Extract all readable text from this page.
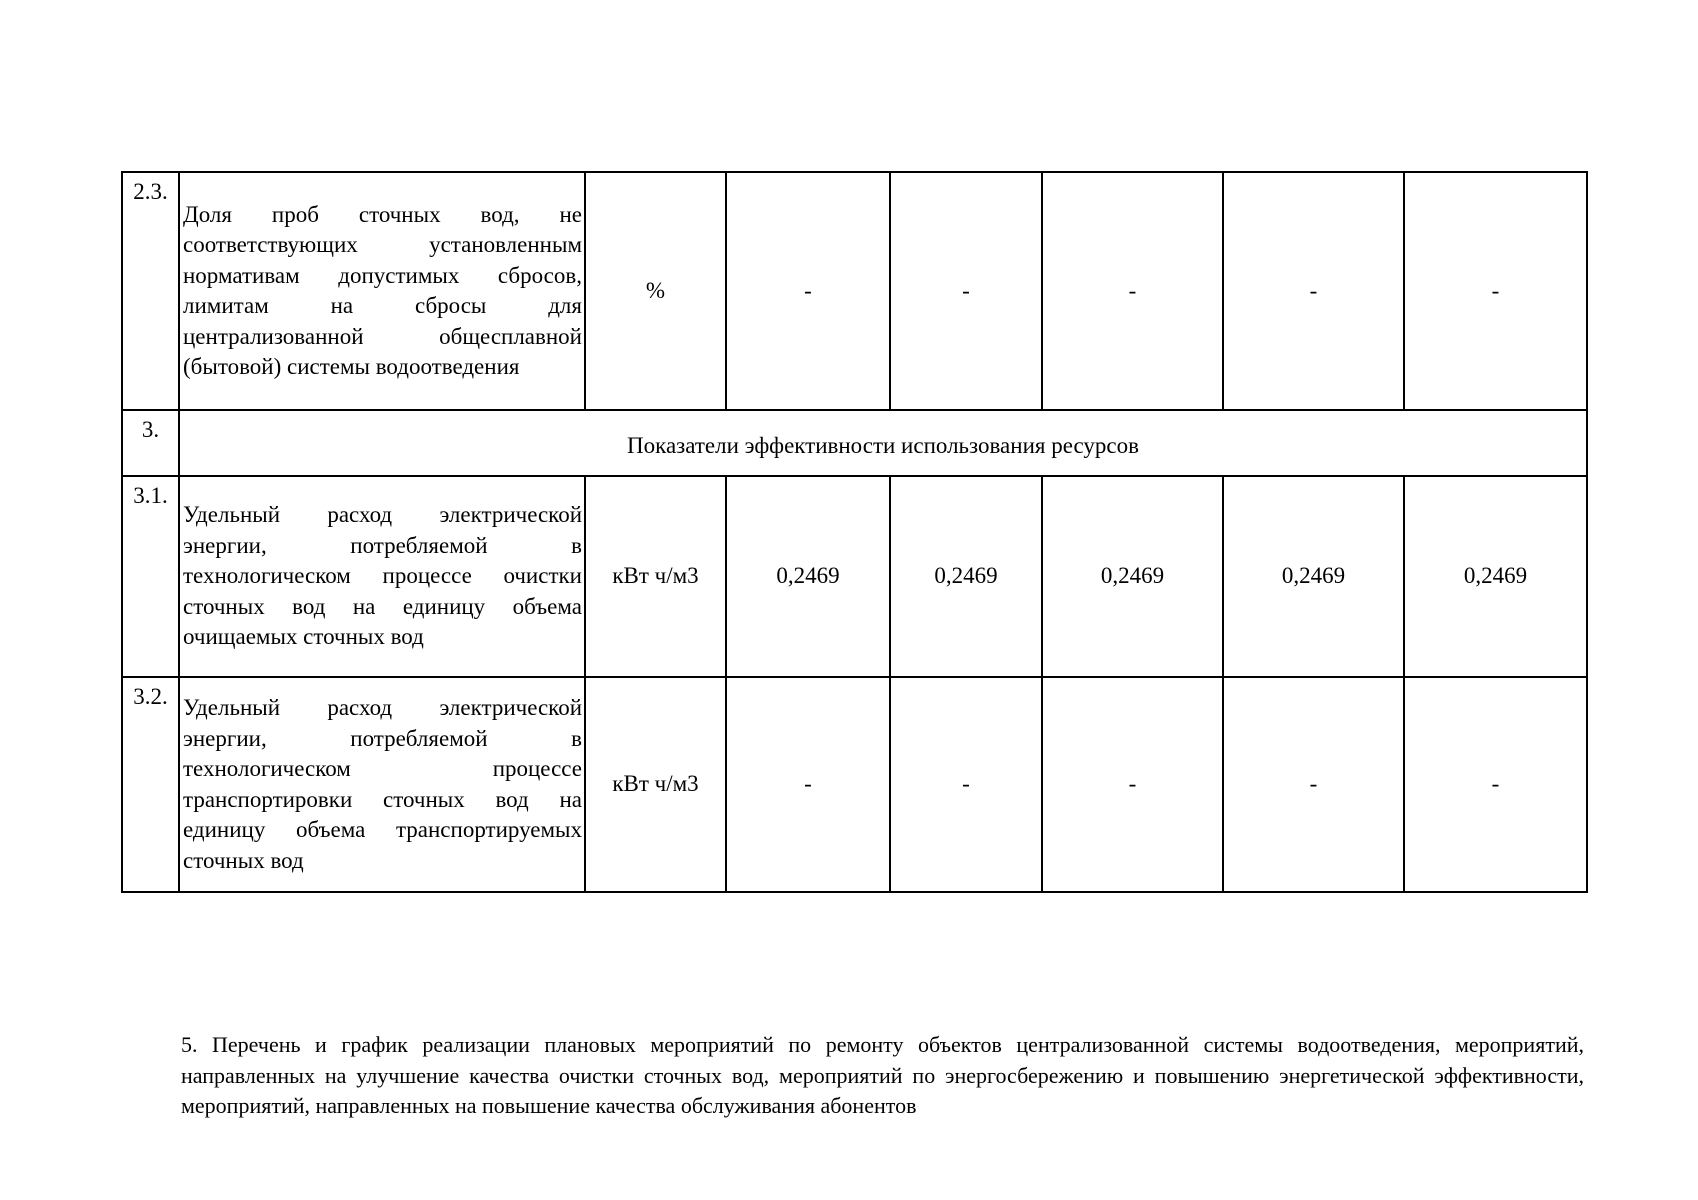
2.3.	Доля проб сточных вод, не соответствующих установленным нормативам допустимых сбросов, лимитам на сбросы для централизованной общесплавной (бытовой) системы водоотведения	%	-	-	-	-	-
3.	Показатели эффективности использования ресурсов						
3.1.	Удельный расход электрической энергии, потребляемой в технологическом процессе очистки сточных вод на единицу объема очищаемых сточных вод	кВт ч/м3	0,2469	0,2469	0,2469	0,2469	0,2469
3.2.	Удельный расход электрической энергии, потребляемой в технологическом процессе транспортировки сточных вод на единицу объема транспортируемых сточных вод	кВт ч/м3	-	-	-	-	-

5. Перечень и график реализации плановых мероприятий по ремонту объектов централизованной системы водоотведения, мероприятий, направленных на улучшение качества очистки сточных вод, мероприятий по энергосбережению и повышению энергетической эффективности, мероприятий, направленных на повышение качества обслуживания абонентов
